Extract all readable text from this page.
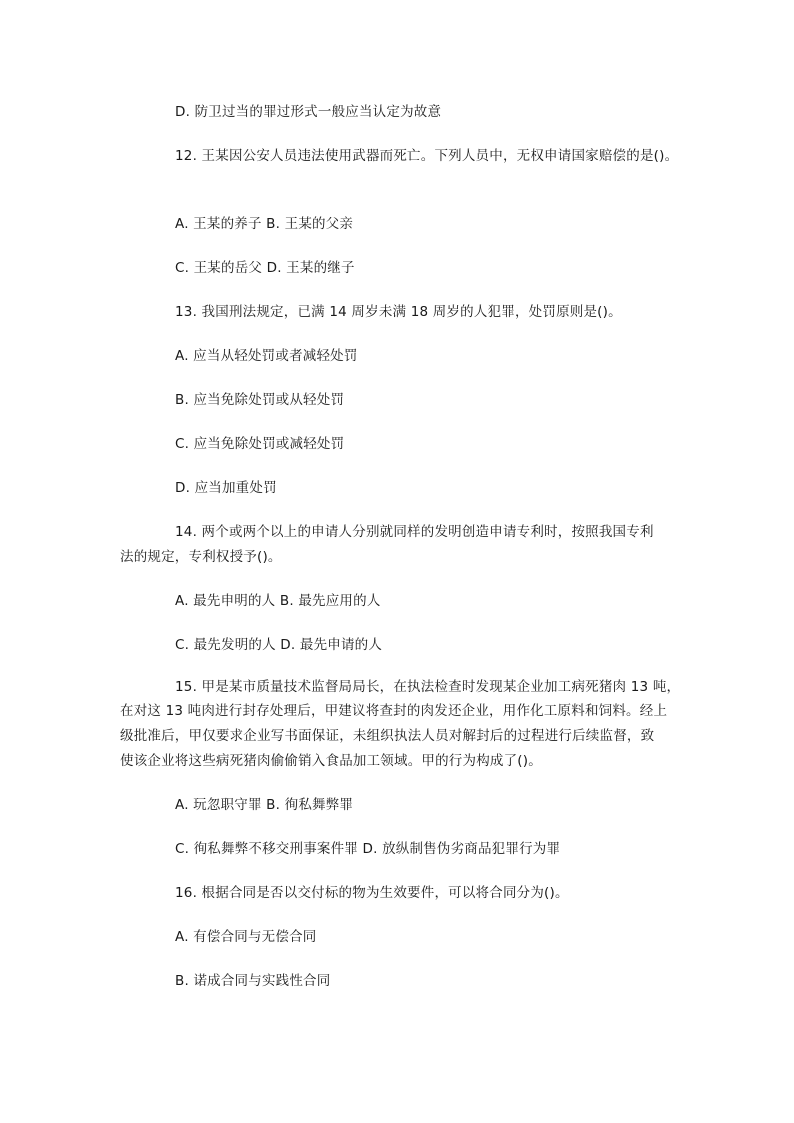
D. 防卫过当的罪过形式一般应当认定为故意
12. 王某因公安人员违法使用武器而死亡。下列人员中，无权申请国家赔偿的是()。
A. 王某的养子 B. 王某的父亲
C. 王某的岳父 D. 王某的继子
13. 我国刑法规定，已满 14 周岁未满 18 周岁的人犯罪，处罚原则是()。
A. 应当从轻处罚或者减轻处罚
B. 应当免除处罚或从轻处罚
C. 应当免除处罚或减轻处罚
D. 应当加重处罚
14. 两个或两个以上的申请人分别就同样的发明创造申请专利时，按照我国专利
法的规定，专利权授予()。
A. 最先申明的人 B. 最先应用的人
C. 最先发明的人 D. 最先申请的人
15. 甲是某市质量技术监督局局长，在执法检查时发现某企业加工病死猪肉 13 吨，
在对这 13 吨肉进行封存处理后，甲建议将查封的肉发还企业，用作化工原料和饲料。经上
级批准后，甲仅要求企业写书面保证，未组织执法人员对解封后的过程进行后续监督，致
使该企业将这些病死猪肉偷偷销入食品加工领域。甲的行为构成了()。
A. 玩忽职守罪 B. 徇私舞弊罪
C. 徇私舞弊不移交刑事案件罪 D. 放纵制售伪劣商品犯罪行为罪
16. 根据合同是否以交付标的物为生效要件，可以将合同分为()。
A. 有偿合同与无偿合同
B. 诺成合同与实践性合同
